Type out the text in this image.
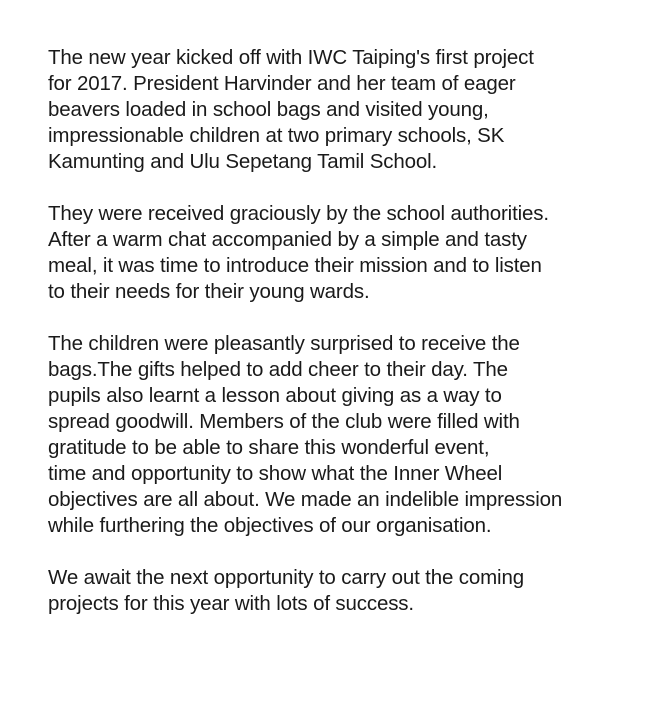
The new year kicked off with IWC Taiping's first project
for 2017. President Harvinder and her team of eager
beavers loaded in school bags and visited young,
impressionable children at two primary schools, SK
Kamunting and Ulu Sepetang Tamil School.

They were received graciously by the school authorities.
After a warm chat accompanied by a simple and tasty
meal, it was time to introduce their mission and to listen
to their needs for their young wards.

The children were pleasantly surprised to receive the
bags.The gifts helped to add cheer to their day. The
pupils also learnt a lesson about giving as a way to
spread goodwill. Members of the club were filled with
gratitude to be able to share this wonderful event,
time and opportunity to show what the Inner Wheel
objectives are all about. We made an indelible impression
while furthering the objectives of our organisation.

We await the next opportunity to carry out the coming
projects for this year with lots of success.
